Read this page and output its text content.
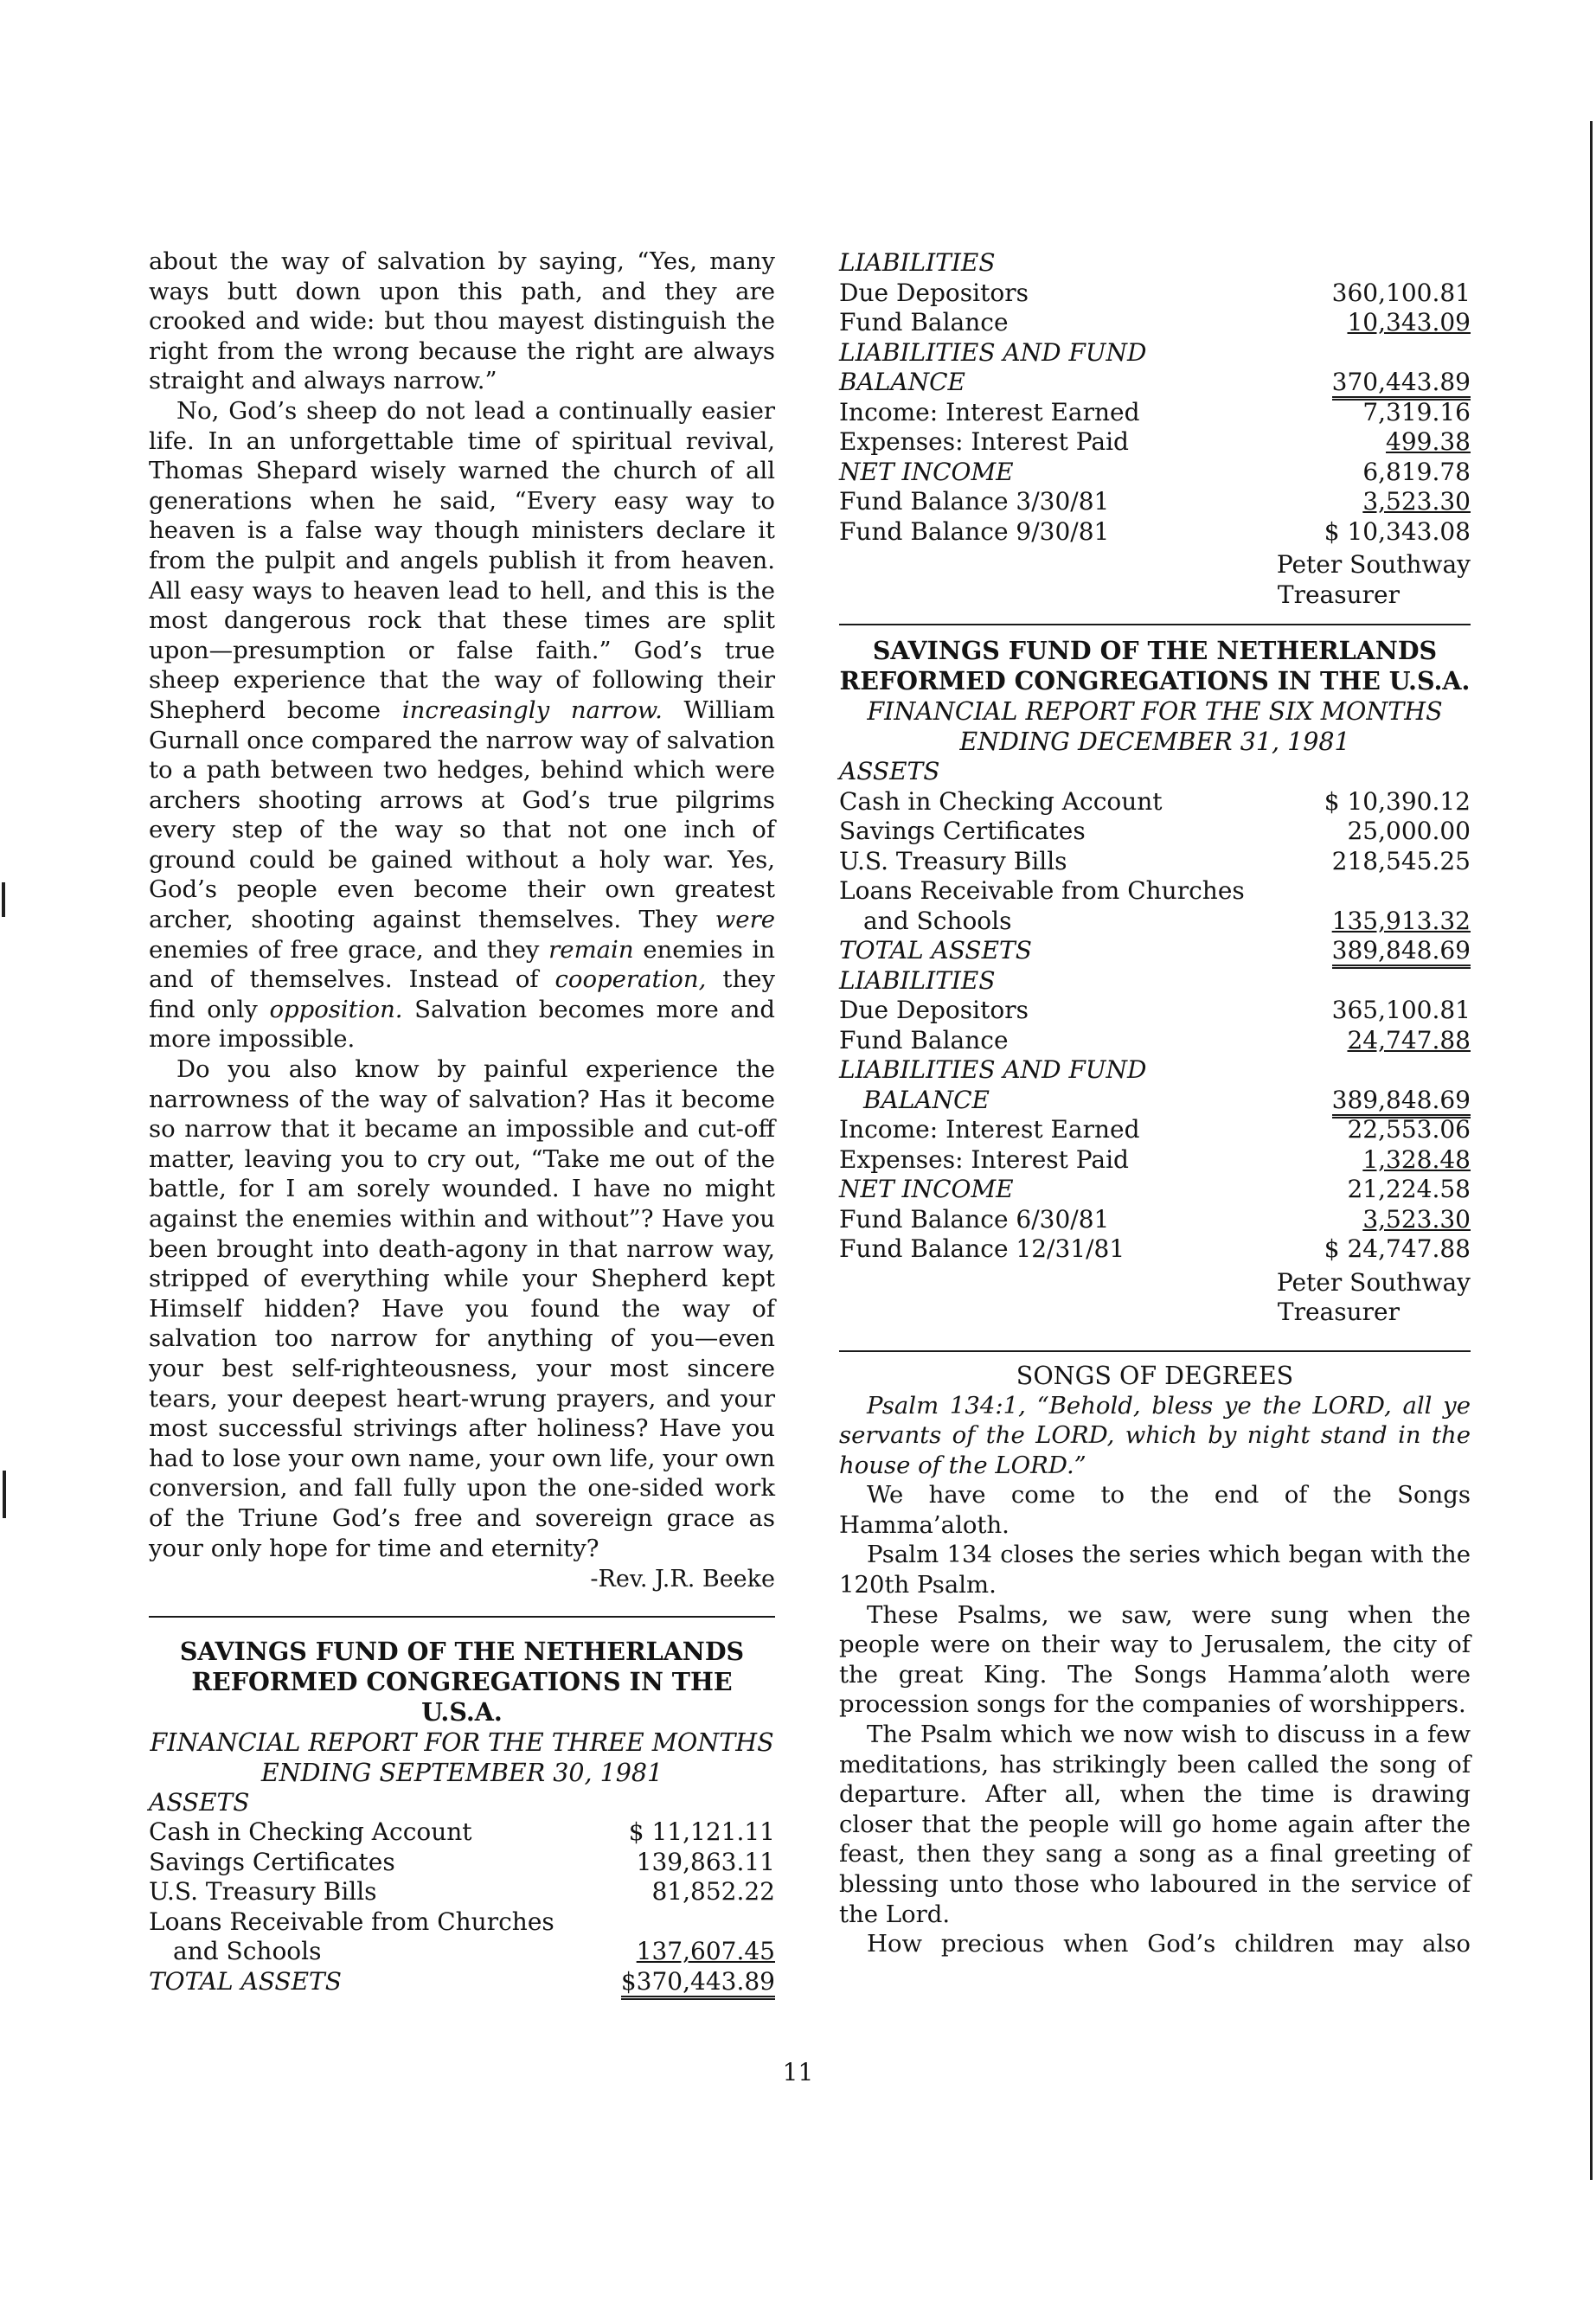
about the way of salvation by saying, “Yes, many ways butt down upon this path, and they are crooked and wide: but thou mayest distinguish the right from the wrong because the right are always straight and always narrow.”

No, God’s sheep do not lead a continually easier life. In an unforgettable time of spiritual revival, Thomas Shepard wisely warned the church of all generations when he said, “Every easy way to heaven is a false way though ministers declare it from the pulpit and angels publish it from heaven. All easy ways to heaven lead to hell, and this is the most dangerous rock that these times are split upon—presumption or false faith.” God’s true sheep experience that the way of following their Shepherd become increasingly narrow. William Gurnall once compared the narrow way of salvation to a path between two hedges, behind which were archers shooting arrows at God’s true pilgrims every step of the way so that not one inch of ground could be gained without a holy war. Yes, God’s people even become their own greatest archer, shooting against themselves. They were enemies of free grace, and they remain enemies in and of themselves. Instead of cooperation, they find only opposition. Salvation becomes more and more impossible.

Do you also know by painful experience the narrowness of the way of salvation? Has it become so narrow that it became an impossible and cut-off matter, leaving you to cry out, “Take me out of the battle, for I am sorely wounded. I have no might against the enemies within and without”? Have you been brought into death-agony in that narrow way, stripped of everything while your Shepherd kept Himself hidden? Have you found the way of salvation too narrow for anything of you—even your best self-righteousness, your most sincere tears, your deepest heart-wrung prayers, and your most successful strivings after holiness? Have you had to lose your own name, your own life, your own conversion, and fall fully upon the one-sided work of the Triune God’s free and sovereign grace as your only hope for time and eternity?

-Rev. J.R. Beeke
SAVINGS FUND OF THE NETHERLANDS REFORMED CONGREGATIONS IN THE U.S.A.
FINANCIAL REPORT FOR THE THREE MONTHS ENDING SEPTEMBER 30, 1981
ASSETS	
Cash in Checking Account	$ 11,121.11
Savings Certificates	139,863.11
U.S. Treasury Bills	81,852.22
Loans Receivable from Churches	
and Schools	137,607.45
TOTAL ASSETS	$370,443.89
LIABILITIES	
Due Depositors	360,100.81
Fund Balance	10,343.09
LIABILITIES AND FUND	
BALANCE	370,443.89
Income: Interest Earned	7,319.16
Expenses: Interest Paid	499.38
NET INCOME	6,819.78
Fund Balance 3/30/81	3,523.30
Fund Balance 9/30/81	$ 10,343.08
Peter Southway
Treasurer
SAVINGS FUND OF THE NETHERLANDS REFORMED CONGREGATIONS IN THE U.S.A.
FINANCIAL REPORT FOR THE SIX MONTHS ENDING DECEMBER 31, 1981
ASSETS	
Cash in Checking Account	$ 10,390.12
Savings Certificates	25,000.00
U.S. Treasury Bills	218,545.25
Loans Receivable from Churches	
and Schools	135,913.32
TOTAL ASSETS	389,848.69
LIABILITIES	
Due Depositors	365,100.81
Fund Balance	24,747.88
LIABILITIES AND FUND	
BALANCE	389,848.69
Income: Interest Earned	22,553.06
Expenses: Interest Paid	1,328.48
NET INCOME	21,224.58
Fund Balance 6/30/81	3,523.30
Fund Balance 12/31/81	$ 24,747.88
Peter Southway
Treasurer
SONGS OF DEGREES

Psalm 134:1, “Behold, bless ye the LORD, all ye servants of the LORD, which by night stand in the house of the LORD.”

We have come to the end of the Songs Hamma’aloth.

Psalm 134 closes the series which began with the 120th Psalm.

These Psalms, we saw, were sung when the people were on their way to Jerusalem, the city of the great King. The Songs Hamma’aloth were procession songs for the companies of worshippers.

The Psalm which we now wish to discuss in a few meditations, has strikingly been called the song of departure. After all, when the time is drawing closer that the people will go home again after the feast, then they sang a song as a final greeting of blessing unto those who laboured in the service of the Lord.

How precious when God’s children may also

11
